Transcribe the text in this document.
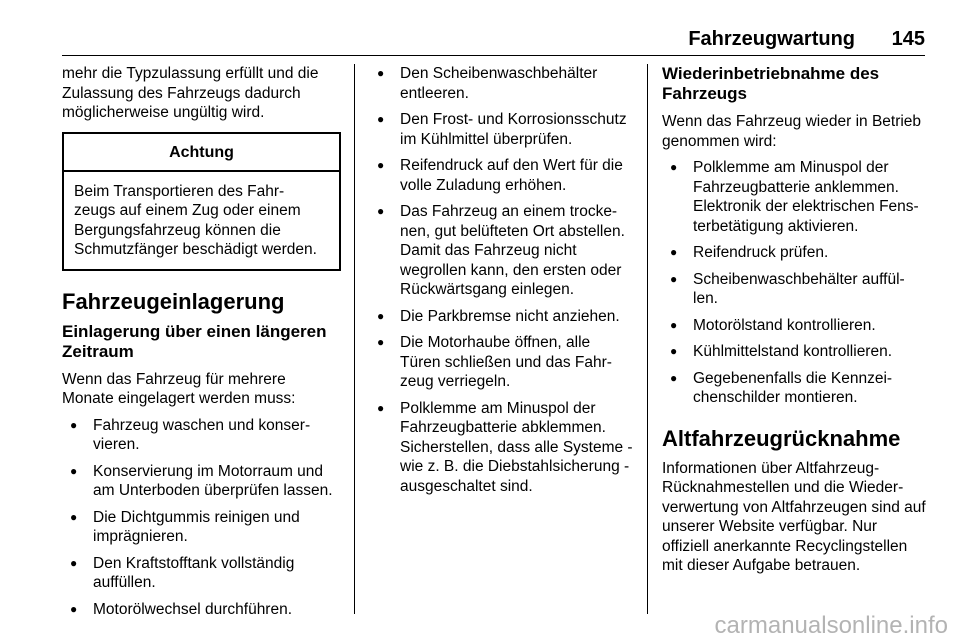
Fahrzeugwartung 145

mehr die Typzulassung erfüllt und die Zulassung des Fahrzeugs dadurch möglicherweise ungültig wird.

Achtung
Beim Transportieren des Fahr- zeugs auf einem Zug oder einem Bergungsfahrzeug können die Schmutzfänger beschädigt werden.
Fahrzeugeinlagerung
Einlagerung über einen längeren Zeitraum

Wenn das Fahrzeug für mehrere Monate eingelagert werden muss:

● Fahrzeug waschen und konser- vieren.
● Konservierung im Motorraum und am Unterboden überprüfen lassen.
● Die Dichtgummis reinigen und imprägnieren.
● Den Kraftstofftank vollständig auffüllen.
● Motorölwechsel durchführen.
● Den Scheibenwaschbehälter entleeren.
● Den Frost- und Korrosionsschutz im Kühlmittel überprüfen.
● Reifendruck auf den Wert für die volle Zuladung erhöhen.
● Das Fahrzeug an einem trocke- nen, gut belüfteten Ort abstellen. Damit das Fahrzeug nicht wegrollen kann, den ersten oder Rückwärtsgang einlegen.
● Die Parkbremse nicht anziehen.
● Die Motorhaube öffnen, alle Türen schließen und das Fahr- zeug verriegeln.
● Polklemme am Minuspol der Fahrzeugbatterie abklemmen. Sicherstellen, dass alle Systeme - wie z. B. die Diebstahlsicherung - ausgeschaltet sind.
Wiederinbetriebnahme des Fahrzeugs

Wenn das Fahrzeug wieder in Betrieb genommen wird:

● Polklemme am Minuspol der Fahrzeugbatterie anklemmen. Elektronik der elektrischen Fens- terbetätigung aktivieren.
● Reifendruck prüfen.
● Scheibenwaschbehälter auffül- len.
● Motorölstand kontrollieren.
● Kühlmittelstand kontrollieren.
● Gegebenenfalls die Kennzei- chenschilder montieren.
Altfahrzeugrücknahme

Informationen über Altfahrzeug- Rücknahmestellen und die Wieder- verwertung von Altfahrzeugen sind auf unserer Website verfügbar. Nur offiziell anerkannte Recyclingstellen mit dieser Aufgabe betrauen.

carmanualsonline.info
